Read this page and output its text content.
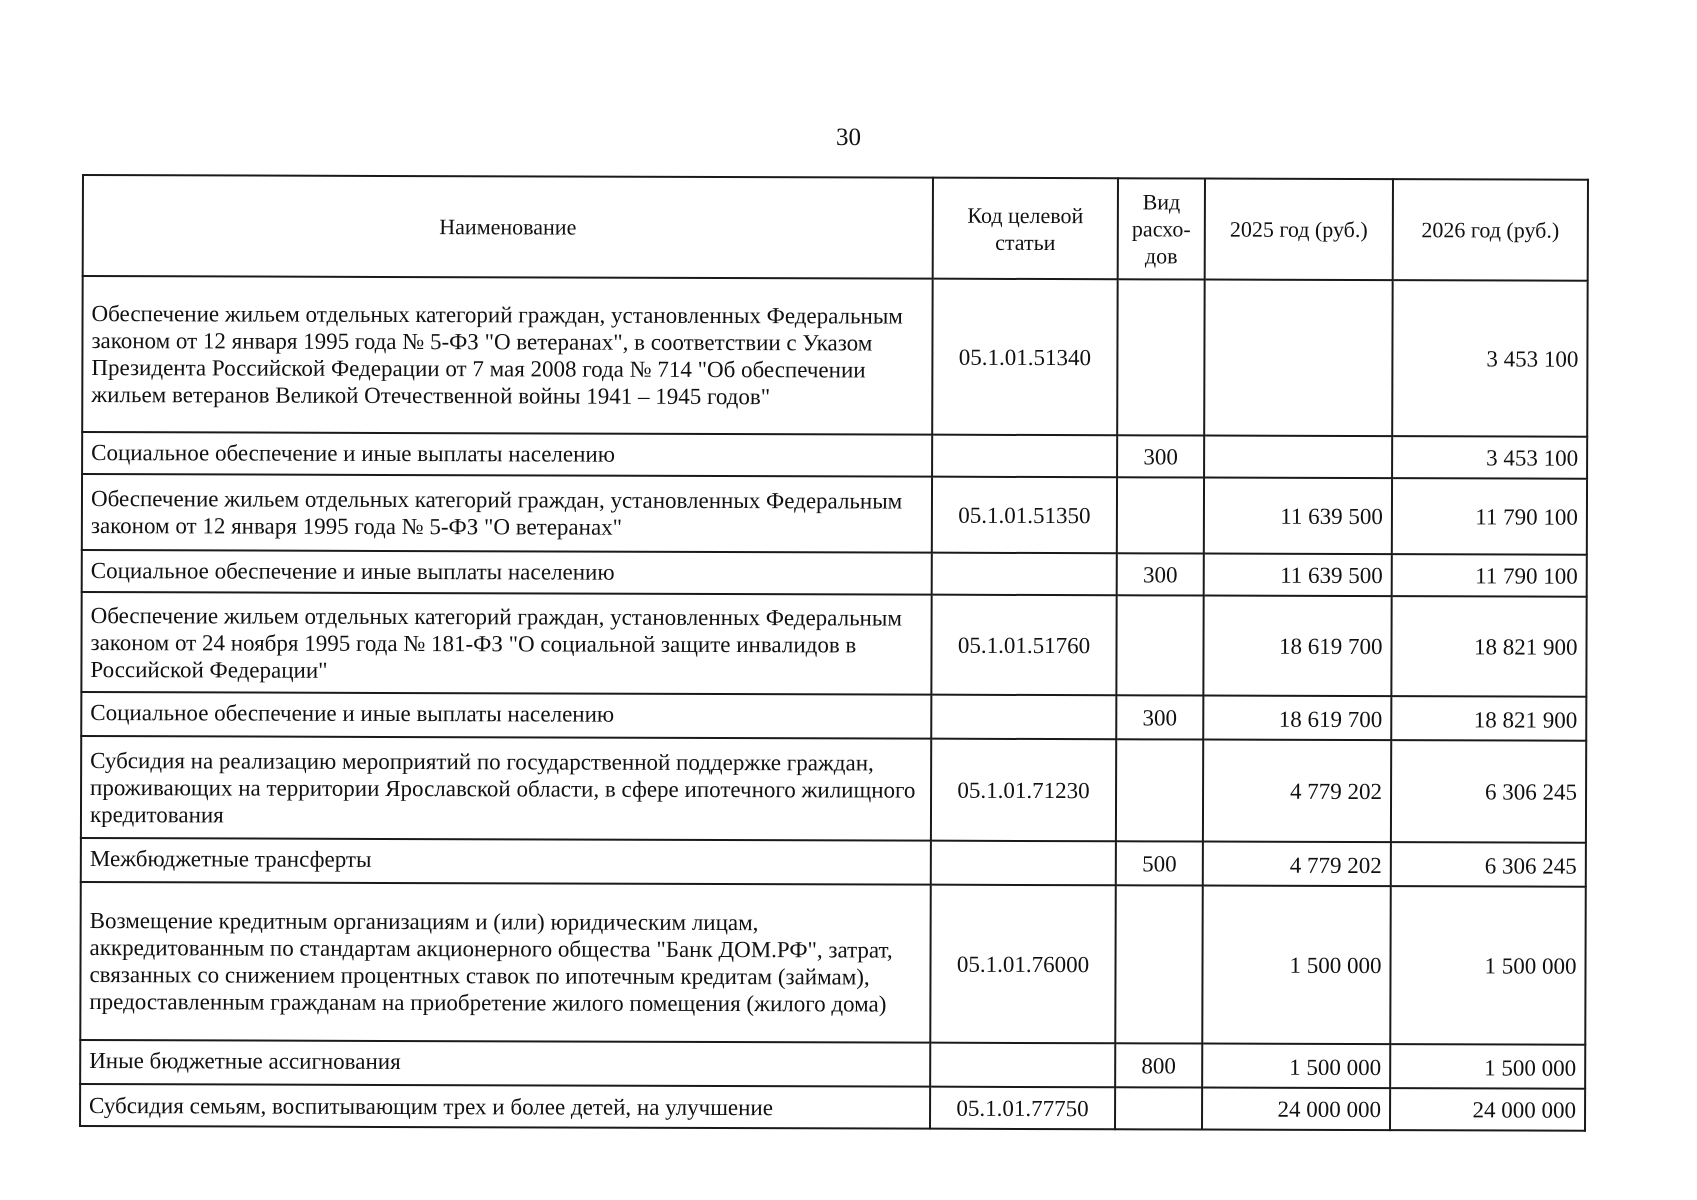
30
Наименование	Код целевой статьи	Вид расхо-дов	2025 год (руб.)	2026 год (руб.)
Обеспечение жильем отдельных категорий граждан, установленных Федеральным законом от 12 января 1995 года № 5-ФЗ "О ветеранах", в соответствии с Указом Президента Российской Федерации от 7 мая 2008 года № 714 "Об обеспечении жильем ветеранов Великой Отечественной войны 1941 – 1945 годов"	05.1.01.51340			3 453 100
Социальное обеспечение и иные выплаты населению		300		3 453 100
Обеспечение жильем отдельных категорий граждан, установленных Федеральным законом от 12 января 1995 года № 5-ФЗ "О ветеранах"	05.1.01.51350		11 639 500	11 790 100
Социальное обеспечение и иные выплаты населению		300	11 639 500	11 790 100
Обеспечение жильем отдельных категорий граждан, установленных Федеральным законом от 24 ноября 1995 года № 181-ФЗ "О социальной защите инвалидов в Российской Федерации"	05.1.01.51760		18 619 700	18 821 900
Социальное обеспечение и иные выплаты населению		300	18 619 700	18 821 900
Субсидия на реализацию мероприятий по государственной поддержке граждан, проживающих на территории Ярославской области, в сфере ипотечного жилищного кредитования	05.1.01.71230		4 779 202	6 306 245
Межбюджетные трансферты		500	4 779 202	6 306 245
Возмещение кредитным организациям и (или) юридическим лицам, аккредитованным по стандартам акционерного общества "Банк ДОМ.РФ", затрат, связанных со снижением процентных ставок по ипотечным кредитам (займам), предоставленным гражданам на приобретение жилого помещения (жилого дома)	05.1.01.76000		1 500 000	1 500 000
Иные бюджетные ассигнования		800	1 500 000	1 500 000
Субсидия семьям, воспитывающим трех и более детей, на улучшение	05.1.01.77750		24 000 000	24 000 000
